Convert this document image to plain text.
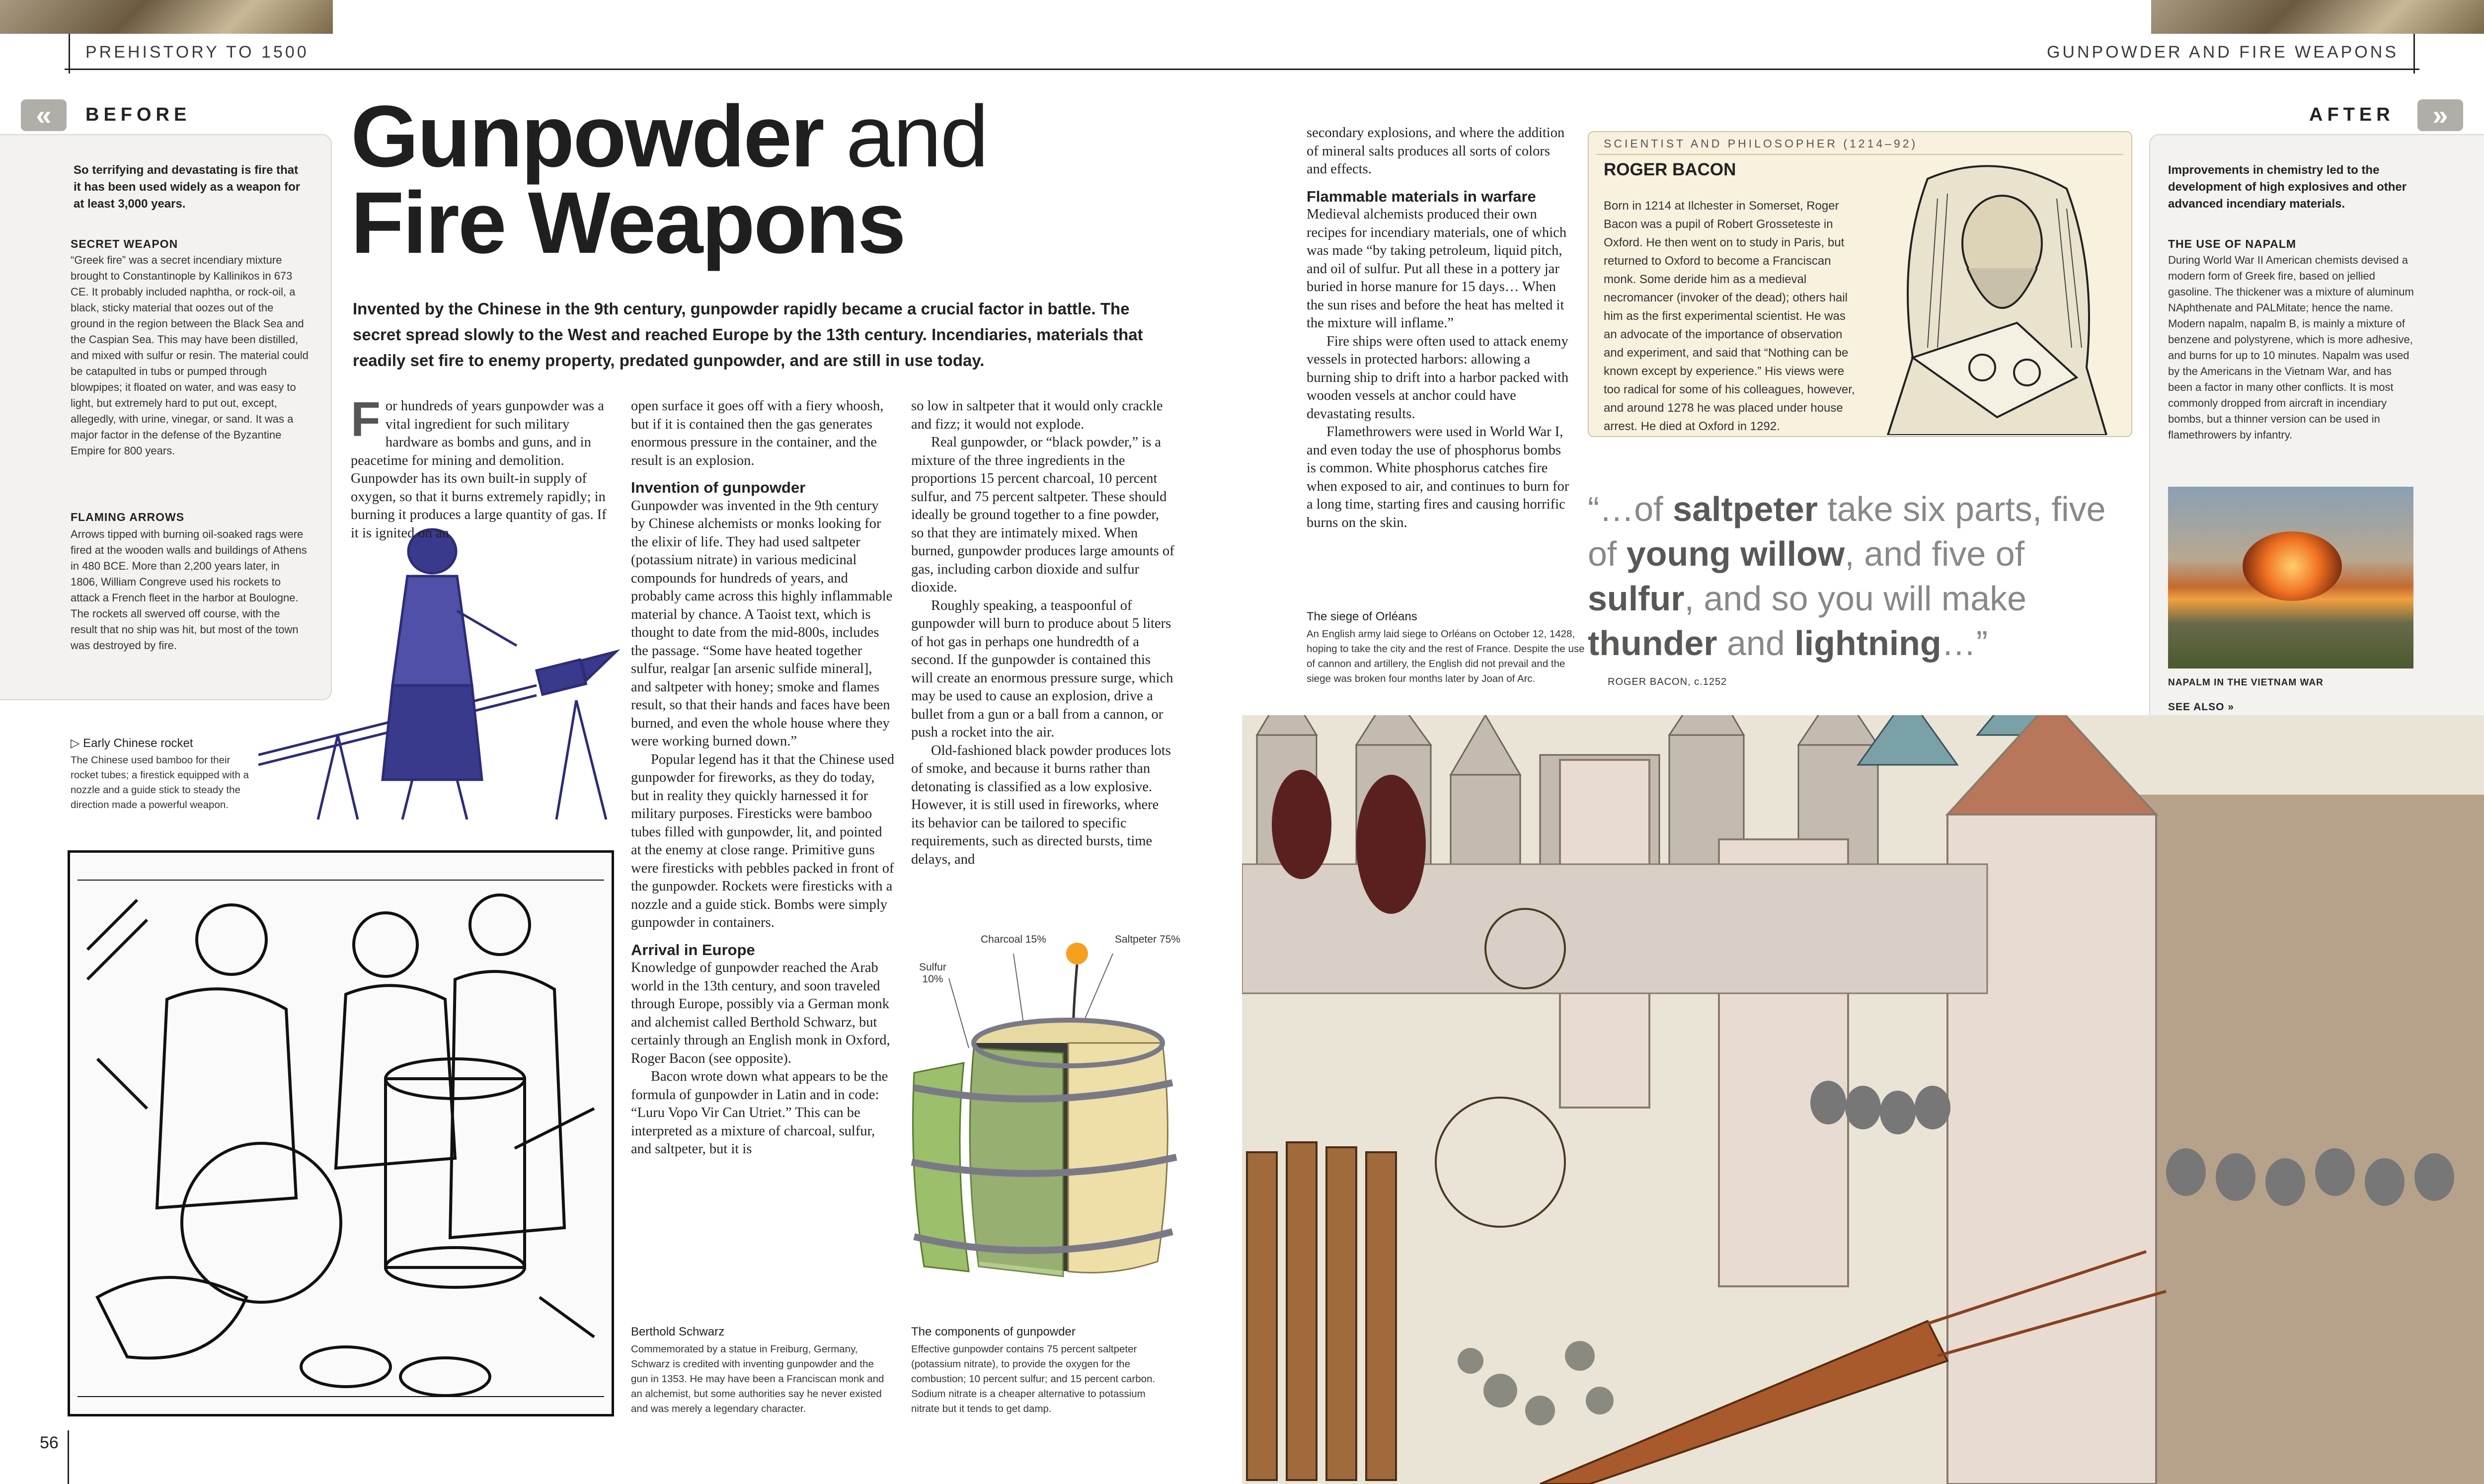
PREHISTORY TO 1500	GUNPOWDER AND FIRE WEAPONS
«	BEFORE
So terrifying and devastating is fire that it has been used widely as a weapon for at least 3,000 years.
SECRET WEAPON
“Greek fire” was a secret incendiary mixture brought to Constantinople by Kallinikos in 673 CE. It probably included naphtha, or rock-oil, a black, sticky material that oozes out of the ground in the region between the Black Sea and the Caspian Sea. This may have been distilled, and mixed with sulfur or resin. The material could be catapulted in tubs or pumped through blowpipes; it floated on water, and was easy to light, but extremely hard to put out, except, allegedly, with urine, vinegar, or sand. It was a major factor in the defense of the Byzantine Empire for 800 years.
FLAMING ARROWS
Arrows tipped with burning oil-soaked rags were fired at the wooden walls and buildings of Athens in 480 BCE. More than 2,200 years later, in 1806, William Congreve used his rockets to attack a French fleet in the harbor at Boulogne. The rockets all swerved off course, with the result that no ship was hit, but most of the town was destroyed by fire.
▷ Early Chinese rocket
The Chinese used bamboo for their rocket tubes; a firestick equipped with a nozzle and a guide stick to steady the direction made a powerful weapon.
Gunpowder and
Fire Weapons
Invented by the Chinese in the 9th century, gunpowder rapidly became a crucial factor in battle. The secret spread slowly to the West and reached Europe by the 13th century. Incendiaries, materials that readily set fire to enemy property, predated gunpowder, and are still in use today.
F or hundreds of years gunpowder was a vital ingredient for such military hardware as bombs and guns, and in peacetime for mining and demolition. Gunpowder has its own built-in supply of oxygen, so that it burns extremely rapidly; in burning it produces a large quantity of gas. If it is ignited on an

open surface it goes off with a fiery whoosh, but if it is contained then the gas generates enormous pressure in the container, and the result is an explosion.

Invention of gunpowder

Gunpowder was invented in the 9th century by Chinese alchemists or monks looking for the elixir of life. They had used saltpeter (potassium nitrate) in various medicinal compounds for hundreds of years, and probably came across this highly inflammable material by chance. A Taoist text, which is thought to date from the mid-800s, includes the passage. “Some have heated together sulfur, realgar [an arsenic sulfide mineral], and saltpeter with honey; smoke and flames result, so that their hands and faces have been burned, and even the whole house where they were working burned down.”

Popular legend has it that the Chinese used gunpowder for fireworks, as they do today, but in reality they quickly harnessed it for military purposes. Firesticks were bamboo tubes filled with gunpowder, lit, and pointed at the enemy at close range. Primitive guns were firesticks with pebbles packed in front of the gunpowder. Rockets were firesticks with a nozzle and a guide stick. Bombs were simply gunpowder in containers.

Arrival in Europe

Knowledge of gunpowder reached the Arab world in the 13th century, and soon traveled through Europe, possibly via a German monk and alchemist called Berthold Schwarz, but certainly through an English monk in Oxford, Roger Bacon (see opposite).

Bacon wrote down what appears to be the formula of gunpowder in Latin and in code: “Luru Vopo Vir Can Utriet.” This can be interpreted as a mixture of charcoal, sulfur, and saltpeter, but it is

Berthold Schwarz
Commemorated by a statue in Freiburg, Germany, Schwarz is credited with inventing gunpowder and the gun in 1353. He may have been a Franciscan monk and an alchemist, but some authorities say he never existed and was merely a legendary character.

so low in saltpeter that it would only crackle and fizz; it would not explode.

Real gunpowder, or “black powder,” is a mixture of the three ingredients in the proportions 15 percent charcoal, 10 percent sulfur, and 75 percent saltpeter. These should ideally be ground together to a fine powder, so that they are intimately mixed. When burned, gunpowder produces large amounts of gas, including carbon dioxide and sulfur dioxide.

Roughly speaking, a teaspoonful of gunpowder will burn to produce about 5 liters of hot gas in perhaps one hundredth of a second. If the gunpowder is contained this will create an enormous pressure surge, which may be used to cause an explosion, drive a bullet from a gun or a ball from a cannon, or push a rocket into the air.

Old-fashioned black powder produces lots of smoke, and because it burns rather than detonating is classified as a low explosive. However, it is still used in fireworks, where its behavior can be tailored to specific requirements, such as directed bursts, time delays, and

Charcoal 15%	Saltpeter 75%
Sulfur
10%
The components of gunpowder
Effective gunpowder contains 75 percent saltpeter (potassium nitrate), to provide the oxygen for the combustion; 10 percent sulfur; and 15 percent carbon. Sodium nitrate is a cheaper alternative to potassium nitrate but it tends to get damp.
56

secondary explosions, and where the addition of mineral salts produces all sorts of colors and effects.

Flammable materials in warfare

Medieval alchemists produced their own recipes for incendiary materials, one of which was made “by taking petroleum, liquid pitch, and oil of sulfur. Put all these in a pottery jar buried in horse manure for 15 days… When the sun rises and before the heat has melted it the mixture will inflame.”

Fire ships were often used to attack enemy vessels in protected harbors: allowing a burning ship to drift into a harbor packed with wooden vessels at anchor could have devastating results.

Flamethrowers were used in World War I, and even today the use of phosphorus bombs is common. White phosphorus catches fire when exposed to air, and continues to burn for a long time, starting fires and causing horrific burns on the skin.

The siege of Orléans
An English army laid siege to Orléans on October 12, 1428, hoping to take the city and the rest of France. Despite the use of cannon and artillery, the English did not prevail and the siege was broken four months later by Joan of Arc.
SCIENTIST AND PHILOSOPHER (1214–92)
ROGER BACON
Born in 1214 at Ilchester in Somerset, Roger Bacon was a pupil of Robert Grosseteste in Oxford. He then went on to study in Paris, but returned to Oxford to become a Franciscan monk. Some deride him as a medieval necromancer (invoker of the dead); others hail him as the first experimental scientist. He was an advocate of the importance of observation and experiment, and said that “Nothing can be known except by experience.” His views were too radical for some of his colleagues, however, and around 1278 he was placed under house arrest. He died at Oxford in 1292.
“…of saltpeter take six parts, five of young willow, and five of sulfur, and so you will make thunder and lightning…”
ROGER BACON, c.1252
AFTER	»
Improvements in chemistry led to the development of high explosives and other advanced incendiary materials.
THE USE OF NAPALM
During World War II American chemists devised a modern form of Greek fire, based on jellied gasoline. The thickener was a mixture of aluminum NAphthenate and PALMitate; hence the name. Modern napalm, napalm B, is mainly a mixture of benzene and polystyrene, which is more adhesive, and burns for up to 10 minutes. Napalm was used by the Americans in the Vietnam War, and has been a factor in many other conflicts. It is most commonly dropped from aircraft in incendiary bombs, but a thinner version can be used in flamethrowers by infantry.
NAPALM IN THE VIETNAM WAR
SEE ALSO »
